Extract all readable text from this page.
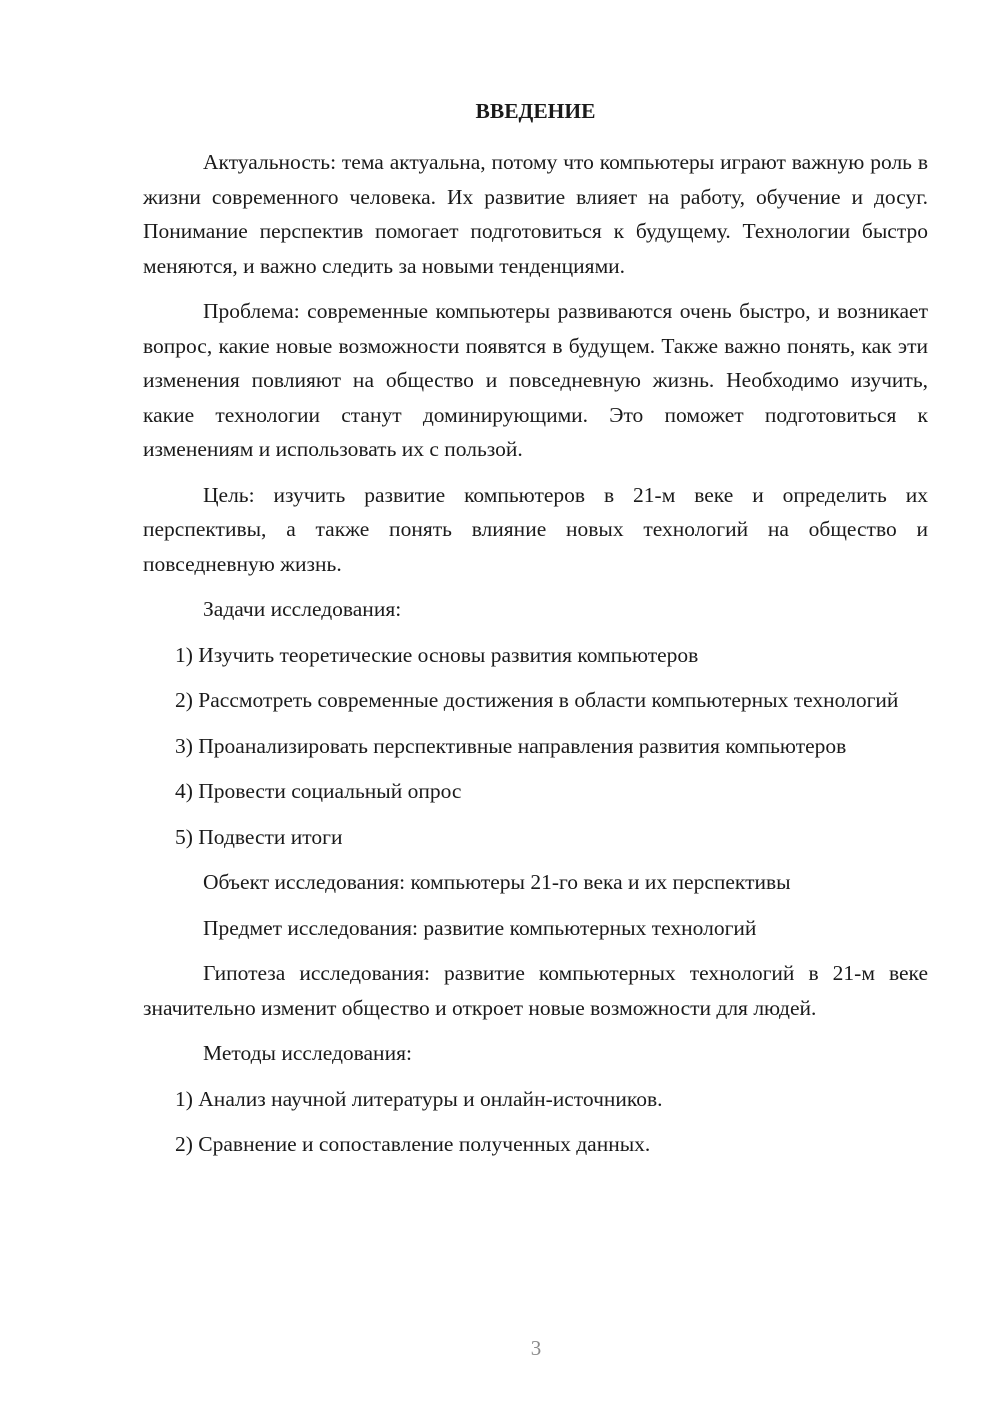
ВВЕДЕНИЕ

Актуальность: тема актуальна, потому что компьютеры играют важную роль в жизни современного человека. Их развитие влияет на работу, обучение и досуг. Понимание перспектив помогает подготовиться к будущему. Технологии быстро меняются, и важно следить за новыми тенденциями.

Проблема: современные компьютеры развиваются очень быстро, и возникает вопрос, какие новые возможности появятся в будущем. Также важно понять, как эти изменения повлияют на общество и повседневную жизнь. Необходимо изучить, какие технологии станут доминирующими. Это поможет подготовиться к изменениям и использовать их с пользой.

Цель: изучить развитие компьютеров в 21-м веке и определить их перспективы, а также понять влияние новых технологий на общество и повседневную жизнь.

Задачи исследования:

1) Изучить теоретические основы развития компьютеров

2) Рассмотреть современные достижения в области компьютерных технологий

3) Проанализировать перспективные направления развития компьютеров

4) Провести социальный опрос

5) Подвести итоги

Объект исследования: компьютеры 21-го века и их перспективы

Предмет исследования: развитие компьютерных технологий

Гипотеза исследования: развитие компьютерных технологий в 21-м веке значительно изменит общество и откроет новые возможности для людей.

Методы исследования:

1) Анализ научной литературы и онлайн-источников.

2) Сравнение и сопоставление полученных данных.

3
